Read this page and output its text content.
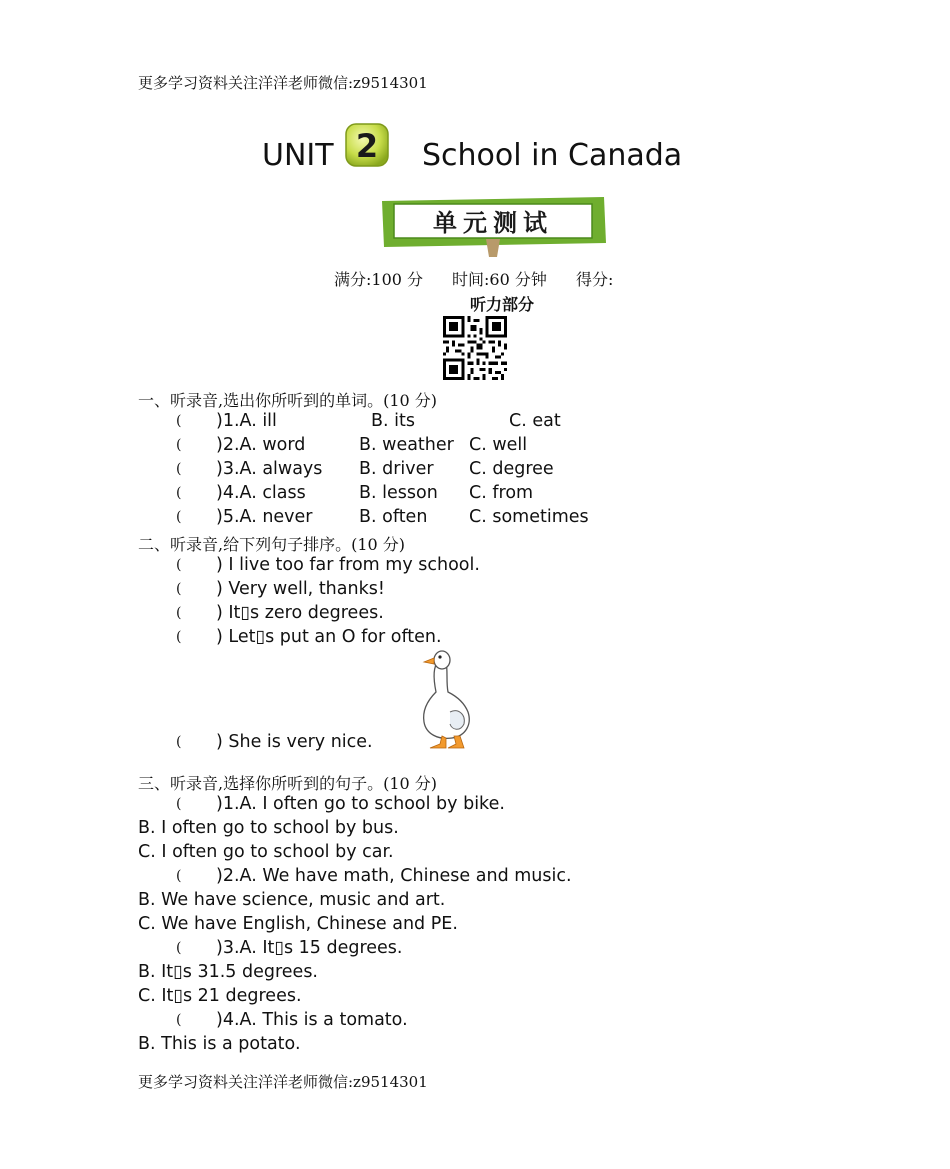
更多学习资料关注洋洋老师微信:z9514301
UNIT 2 School in Canada
单元测试
满分:100 分 时间:60 分钟 得分:
听力部分
一、听录音,选出你所听到的单词。(10 分)
( )1.A. ill	B. its	C. eat
( )2.A. word	B. weather C. well
( )3.A. always B. driver C. degree
( )4.A. class	B. lesson C. from
( )5.A. never	B. often C. sometimes
二、听录音,给下列句子排序。(10 分)
( ) I live too far from my school.
( ) Very well, thanks!
( ) It▯s zero degrees.
( ) Let▯s put an O for often.
( ) She is very nice.
三、听录音,选择你所听到的句子。(10 分)
( )1.A. I often go to school by bike.
B. I often go to school by bus.
C. I often go to school by car.
( )2.A. We have math, Chinese and music.
B. We have science, music and art.
C. We have English, Chinese and PE.
( )3.A. It▯s 15 degrees.
B. It▯s 31.5 degrees.
C. It▯s 21 degrees.
( )4.A. This is a tomato.
B. This is a potato.
更多学习资料关注洋洋老师微信:z9514301
